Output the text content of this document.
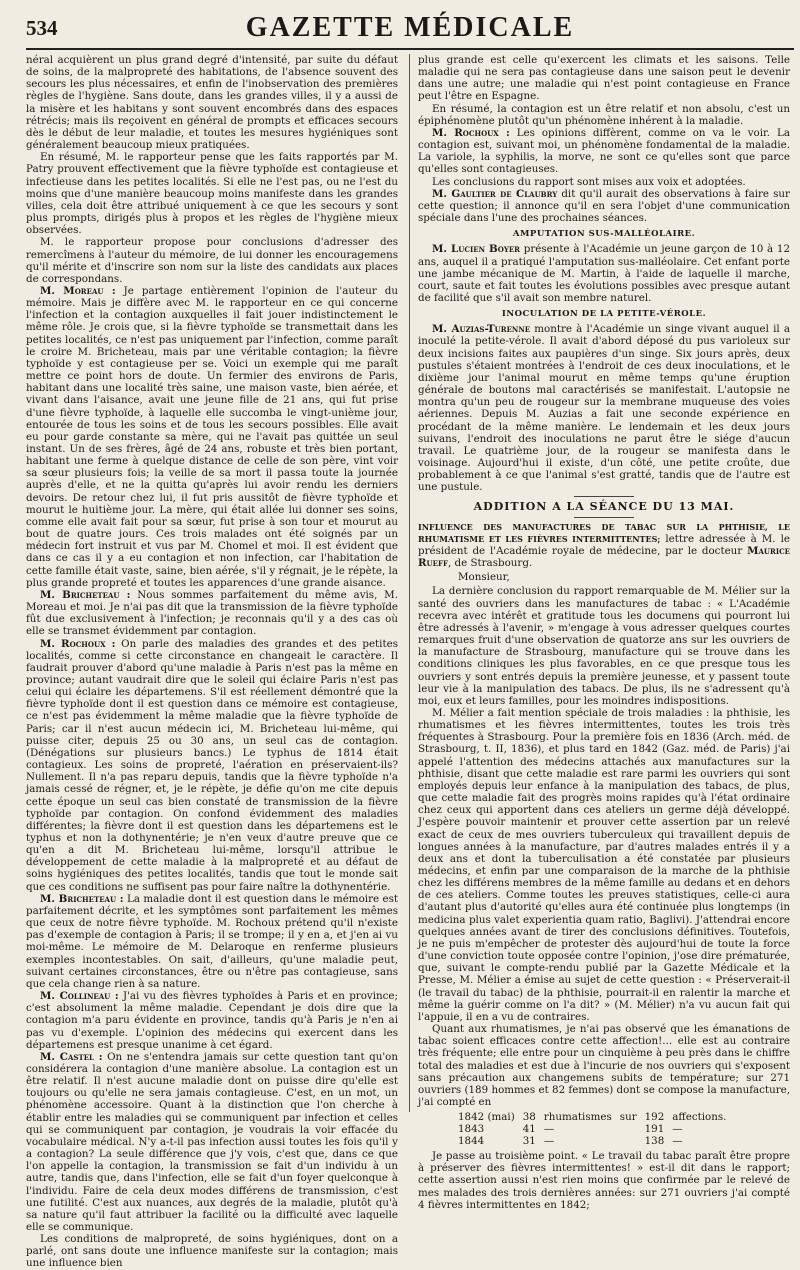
534	GAZETTE MÉDICALE

néral acquièrent un plus grand degré d'intensité, par suite du défaut de soins, de la malpropreté des habitations, de l'absence souvent des secours les plus nécessaires, et enfin de l'inobservation des premières règles de l'hygiène. Sans doute, dans les grandes villes, il y a aussi de la misère et les habitans y sont souvent encombrés dans des espaces rétrécis; mais ils reçoivent en général de prompts et efficaces secours dès le début de leur maladie, et toutes les mesures hygiéniques sont généralement beaucoup mieux pratiquées.

En résumé, M. le rapporteur pense que les faits rapportés par M. Patry prouvent effectivement que la fièvre typhoïde est contagieuse et infectieuse dans les petites localités. Si elle ne l'est pas, ou ne l'est du moins que d'une manière beaucoup moins manifeste dans les grandes villes, cela doit être attribué uniquement à ce que les secours y sont plus prompts, dirigés plus à propos et les règles de l'hygiène mieux observées.

M. le rapporteur propose pour conclusions d'adresser des remercîmens à l'auteur du mémoire, de lui donner les encouragemens qu'il mérite et d'inscrire son nom sur la liste des candidats aux places de correspondans.

M. Moreau : Je partage entièrement l'opinion de l'auteur du mémoire. Mais je diffère avec M. le rapporteur en ce qui concerne l'infection et la contagion auxquelles il fait jouer indistinctement le même rôle. Je crois que, si la fièvre typhoïde se transmettait dans les petites localités, ce n'est pas uniquement par l'infection, comme paraît le croire M. Bricheteau, mais par une véritable contagion; la fièvre typhoïde y est contagieuse per se. Voici un exemple qui me paraît mettre ce point hors de doute. Un fermier des environs de Paris, habitant dans une localité très saine, une maison vaste, bien aérée, et vivant dans l'aisance, avait une jeune fille de 21 ans, qui fut prise d'une fièvre typhoïde, à laquelle elle succomba le vingt-unième jour, entourée de tous les soins et de tous les secours possibles. Elle avait eu pour garde constante sa mère, qui ne l'avait pas quittée un seul instant. Un de ses frères, âgé de 24 ans, robuste et très bien portant, habitant une ferme à quelque distance de celle de son père, vint voir sa sœur plusieurs fois; la veille de sa mort il passa toute la journée auprès d'elle, et ne la quitta qu'après lui avoir rendu les derniers devoirs. De retour chez lui, il fut pris aussitôt de fièvre typhoïde et mourut le huitième jour. La mère, qui était allée lui donner ses soins, comme elle avait fait pour sa sœur, fut prise à son tour et mourut au bout de quatre jours. Ces trois malades ont été soignés par un médecin fort instruit et vus par M. Chomel et moi. Il est évident que dans ce cas il y a eu contagion et non infection, car l'habitation de cette famille était vaste, saine, bien aérée, s'il y régnait, je le répète, la plus grande propreté et toutes les apparences d'une grande aisance.

M. Bricheteau : Nous sommes parfaitement du même avis, M. Moreau et moi. Je n'ai pas dit que la transmission de la fièvre typhoïde fût due exclusivement à l'infection; je reconnais qu'il y a des cas où elle se transmet évidemment par contagion.

M. Rochoux : On parle des maladies des grandes et des petites localités, comme si cette circonstance en changeait le caractère. Il faudrait prouver d'abord qu'une maladie à Paris n'est pas la même en province; autant vaudrait dire que le soleil qui éclaire Paris n'est pas celui qui éclaire les départemens. S'il est réellement démontré que la fièvre typhoïde dont il est question dans ce mémoire est contagieuse, ce n'est pas évidemment la même maladie que la fièvre typhoïde de Paris; car il n'est aucun médecin ici, M. Bricheteau lui-même, qui puisse citer, depuis 25 ou 30 ans, un seul cas de contagion. (Dénégations sur plusieurs bancs.) Le typhus de 1814 était contagieux. Les soins de propreté, l'aération en préservaient-ils? Nullement. Il n'a pas reparu depuis, tandis que la fièvre typhoïde n'a jamais cessé de régner, et, je le répète, je défie qu'on me cite depuis cette époque un seul cas bien constaté de transmission de la fièvre typhoïde par contagion. On confond évidemment des maladies différentes; la fièvre dont il est question dans les départemens est le typhus et non la dothynentérie; je n'en veux d'autre preuve que ce qu'en a dit M. Bricheteau lui-même, lorsqu'il attribue le développement de cette maladie à la malpropreté et au défaut de soins hygiéniques des petites localités, tandis que tout le monde sait que ces conditions ne suffisent pas pour faire naître la dothynentérie.

M. Bricheteau : La maladie dont il est question dans le mémoire est parfaitement décrite, et les symptômes sont parfaitement les mêmes que ceux de notre fièvre typhoïde. M. Rochoux prétend qu'il n'existe pas d'exemple de contagion à Paris; il se trompe; il y en a, et j'en ai vu moi-même. Le mémoire de M. Delaroque en renferme plusieurs exemples incontestables. On sait, d'ailleurs, qu'une maladie peut, suivant certaines circonstances, être ou n'être pas contagieuse, sans que cela change rien à sa nature.

M. Collineau : J'ai vu des fièvres typhoïdes à Paris et en province; c'est absolument la même maladie. Cependant je dois dire que la contagion m'a paru évidente en province, tandis qu'à Paris je n'en ai pas vu d'exemple. L'opinion des médecins qui exercent dans les départemens est presque unanime à cet égard.

M. Castel : On ne s'entendra jamais sur cette question tant qu'on considérera la contagion d'une manière absolue. La contagion est un être relatif. Il n'est aucune maladie dont on puisse dire qu'elle est toujours ou qu'elle ne sera jamais contagieuse. C'est, en un mot, un phénomène accessoire. Quant à la distinction que l'on cherche à établir entre les maladies qui se communiquent par infection et celles qui se communiquent par contagion, je voudrais la voir effacée du vocabulaire médical. N'y a-t-il pas infection aussi toutes les fois qu'il y a contagion? La seule différence que j'y vois, c'est que, dans ce que l'on appelle la contagion, la transmission se fait d'un individu à un autre, tandis que, dans l'infection, elle se fait d'un foyer quelconque à l'individu. Faire de cela deux modes différens de transmission, c'est une futilité. C'est aux nuances, aux degrés de la maladie, plutôt qu'à sa nature qu'il faut attribuer la facilité ou la difficulté avec laquelle elle se communique.

Les conditions de malpropreté, de soins hygiéniques, dont on a parlé, ont sans doute une influence manifeste sur la contagion; mais une influence bien

plus grande est celle qu'exercent les climats et les saisons. Telle maladie qui ne sera pas contagieuse dans une saison peut le devenir dans une autre; une maladie qui n'est point contagieuse en France peut l'être en Espagne.

En résumé, la contagion est un être relatif et non absolu, c'est un épiphénomène plutôt qu'un phénomène inhérent à la maladie.

M. Rochoux : Les opinions diffèrent, comme on va le voir. La contagion est, suivant moi, un phénomène fondamental de la maladie. La variole, la syphilis, la morve, ne sont ce qu'elles sont que parce qu'elles sont contagieuses.

Les conclusions du rapport sont mises aux voix et adoptées.

M. Gaultier de Claubry dit qu'il aurait des observations à faire sur cette question; il annonce qu'il en sera l'objet d'une communication spéciale dans l'une des prochaines séances.

AMPUTATION SUS-MALLÉOLAIRE.

M. Lucien Boyer présente à l'Académie un jeune garçon de 10 à 12 ans, auquel il a pratiqué l'amputation sus-malléolaire. Cet enfant porte une jambe mécanique de M. Martin, à l'aide de laquelle il marche, court, saute et fait toutes les évolutions possibles avec presque autant de facilité que s'il avait son membre naturel.

INOCULATION DE LA PETITE-VÉROLE.

M. Auzias-Turenne montre à l'Académie un singe vivant auquel il a inoculé la petite-vérole. Il avait d'abord déposé du pus varioleux sur deux incisions faites aux paupières d'un singe. Six jours après, deux pustules s'étaient montrées à l'endroit de ces deux inoculations, et le dixième jour l'animal mourut en même temps qu'une éruption générale de boutons mal caractérisés se manifestait. L'autopsie ne montra qu'un peu de rougeur sur la membrane muqueuse des voies aériennes. Depuis M. Auzias a fait une seconde expérience en procédant de la même manière. Le lendemain et les deux jours suivans, l'endroit des inoculations ne parut être le siége d'aucun travail. Le quatrième jour, de la rougeur se manifesta dans le voisinage. Aujourd'hui il existe, d'un côté, une petite croûte, due probablement à ce que l'animal s'est gratté, tandis que de l'autre est une pustule.

ADDITION A LA SÉANCE DU 13 MAI.

INFLUENCE DES MANUFACTURES DE TABAC SUR LA PHTHISIE, LE RHUMATISME ET LES FIÈVRES INTERMITTENTES; lettre adressée à M. le président de l'Académie royale de médecine, par le docteur Maurice Rueff, de Strasbourg.

Monsieur,

La dernière conclusion du rapport remarquable de M. Mélier sur la santé des ouvriers dans les manufactures de tabac : « L'Académie recevra avec intérêt et gratitude tous les documens qui pourront lui être adressés à l'avenir, » m'engage à vous adresser quelques courtes remarques fruit d'une observation de quatorze ans sur les ouvriers de la manufacture de Strasbourg, manufacture qui se trouve dans les conditions cliniques les plus favorables, en ce que presque tous les ouvriers y sont entrés depuis la première jeunesse, et y passent toute leur vie à la manipulation des tabacs. De plus, ils ne s'adressent qu'à moi, eux et leurs familles, pour les moindres indispositions.

M. Mélier a fait mention spéciale de trois maladies : la phthisie, les rhumatismes et les fièvres intermittentes, toutes les trois très fréquentes à Strasbourg. Pour la première fois en 1836 (Arch. méd. de Strasbourg, t. II, 1836), et plus tard en 1842 (Gaz. méd. de Paris) j'ai appelé l'attention des médecins attachés aux manufactures sur la phthisie, disant que cette maladie est rare parmi les ouvriers qui sont employés depuis leur enfance à la manipulation des tabacs, de plus, que cette maladie fait des progrès moins rapides qu'à l'état ordinaire chez ceux qui apportent dans ces ateliers un germe déjà développé. J'espère pouvoir maintenir et prouver cette assertion par un relevé exact de ceux de mes ouvriers tuberculeux qui travaillent depuis de longues années à la manufacture, par d'autres malades entrés il y a deux ans et dont la tuberculisation a été constatée par plusieurs médecins, et enfin par une comparaison de la marche de la phthisie chez les différens membres de la même famille au dedans et en dehors de ces ateliers. Comme toutes les preuves statistiques, celle-ci aura d'autant plus d'autorité qu'elles aura été continuée plus longtemps (in medicina plus valet experientia quam ratio, Baglivi). J'attendrai encore quelques années avant de tirer des conclusions définitives. Toutefois, je ne puis m'empêcher de protester dès aujourd'hui de toute la force d'une conviction toute opposée contre l'opinion, j'ose dire prématurée, que, suivant le compte-rendu publié par la Gazette Médicale et la Presse, M. Mélier a émise au sujet de cette question : « Préserverait-il (le travail du tabac) de la phthisie, pourrait-il en ralentir la marche et même la guérir comme on l'a dit? » (M. Mélier) n'a vu aucun fait qui l'appuie, il en a vu de contraires.

Quant aux rhumatismes, je n'ai pas observé que les émanations de tabac soient efficaces contre cette affection!... elle est au contraire très fréquente; elle entre pour un cinquième à peu près dans le chiffre total des maladies et est due à l'incurie de nos ouvriers qui s'exposent sans précaution aux changemens subits de température; sur 271 ouvriers (189 hommes et 82 femmes) dont se compose la manufacture, j'ai compté en

1842 (mai)	38	rhumatismes	sur	192	affections.
1843	41	—		191	—
1844	31	—		138	—

Je passe au troisième point. « Le travail du tabac paraît être propre à préserver des fièvres intermittentes! » est-il dit dans le rapport; cette assertion aussi n'est rien moins que confirmée par le relevé de mes malades des trois dernières années: sur 271 ouvriers j'ai compté 4 fièvres intermittentes en 1842;
